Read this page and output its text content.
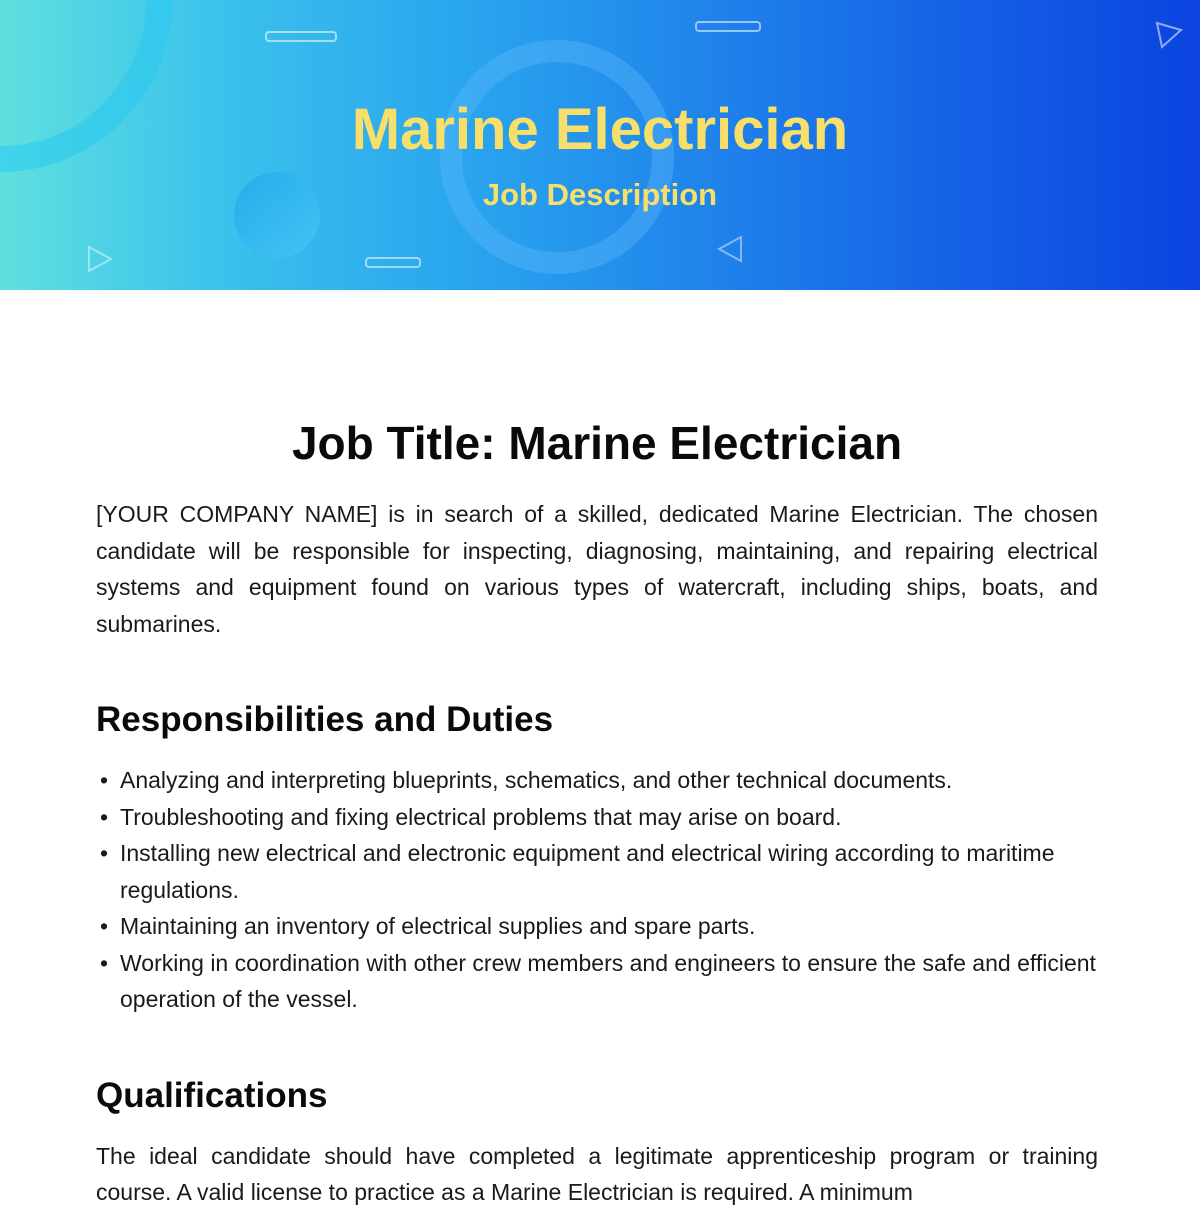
Marine Electrician
Job Description
Job Title: Marine Electrician

[YOUR COMPANY NAME] is in search of a skilled, dedicated Marine Electrician. The chosen candidate will be responsible for inspecting, diagnosing, maintaining, and repairing electrical systems and equipment found on various types of watercraft, including ships, boats, and submarines.

Responsibilities and Duties
• Analyzing and interpreting blueprints, schematics, and other technical documents.
• Troubleshooting and fixing electrical problems that may arise on board.
• Installing new electrical and electronic equipment and electrical wiring according to maritime regulations.
• Maintaining an inventory of electrical supplies and spare parts.
• Working in coordination with other crew members and engineers to ensure the safe and efficient operation of the vessel.
Qualifications

The ideal candidate should have completed a legitimate apprenticeship program or training course. A valid license to practice as a Marine Electrician is required. A minimum
